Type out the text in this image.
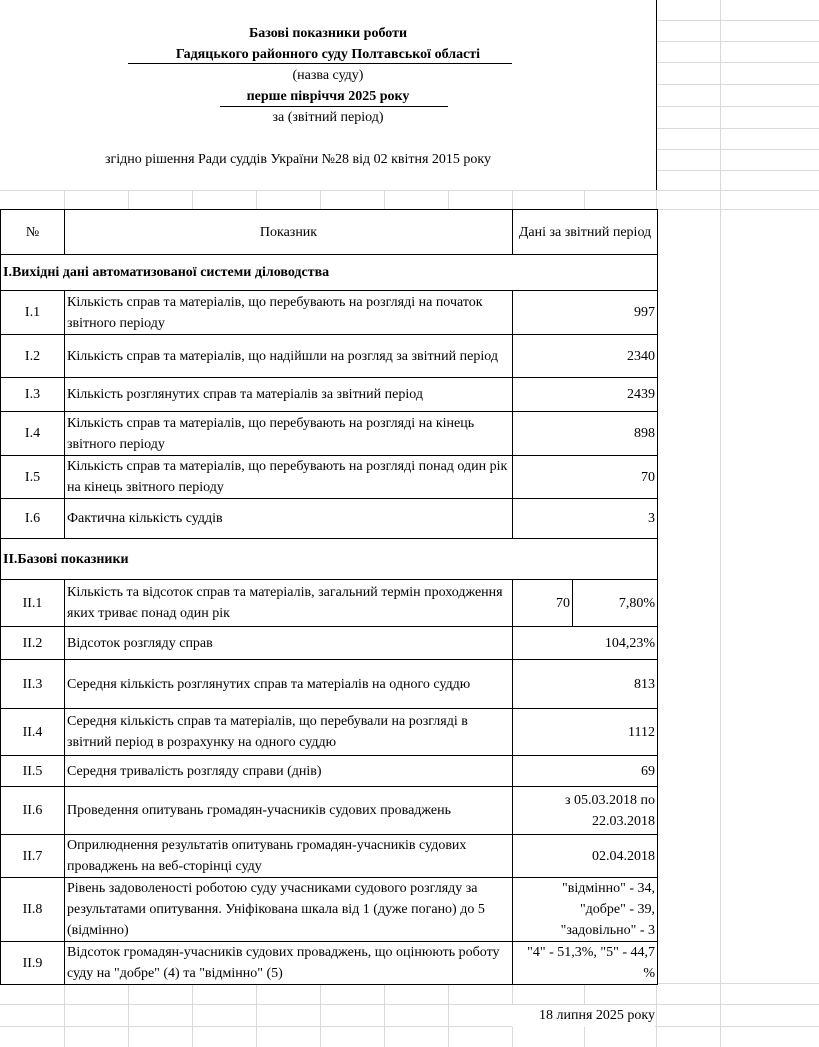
Базові показники роботи
Гадяцького районного суду Полтавської області
(назва суду)
перше півріччя 2025 року
за (звітний період)
згідно рішення Ради суддів України №28 від 02 квітня 2015 року
№	Показник	Дані за звітний період	
I.Вихідні дані автоматизованої системи діловодства			
I.1	Кількість справ та матеріалів, що перебувають на розгляді на початок звітного періоду	997	
I.2	Кількість справ та матеріалів, що надійшли на розгляд за звітний період	2340	
I.3	Кількість розглянутих справ та матеріалів за звітний період	2439	
I.4	Кількість справ та матеріалів, що перебувають на розгляді на кінець звітного періоду	898	
I.5	Кількість справ та матеріалів, що перебувають на розгляді понад один рік на кінець звітного періоду	70	
I.6	Фактична кількість суддів	3	
II.Базові показники			
II.1	Кількість та відсоток справ та матеріалів, загальний термін проходження яких триває понад один рік	70	7,80%
II.2	Відсоток розгляду справ	104,23%	
II.3	Середня кількість розглянутих справ та матеріалів на одного суддю	813	
II.4	Середня кількість справ та матеріалів, що перебували на розгляді в звітний період в розрахунку на одного суддю	1112	
II.5	Середня тривалість розгляду справи (днів)	69	
II.6	Проведення опитувань громадян-учасників судових проваджень	з 05.03.2018 по 22.03.2018	
II.7	Оприлюднення результатів опитувань громадян-учасників судових проваджень на веб-сторінці суду	02.04.2018	
II.8	Рівень задоволеності роботою суду учасниками судового розгляду за результатами опитування. Уніфікована шкала від 1 (дуже погано) до 5 (відмінно)	"відмінно" - 34, "добре" - 39, "задовільно" - 3	
II.9	Відсоток громадян-учасників судових проваджень, що оцінюють роботу суду на "добре" (4) та "відмінно" (5)	"4" - 51,3%, "5" - 44,7 %	
18 липня 2025 року
